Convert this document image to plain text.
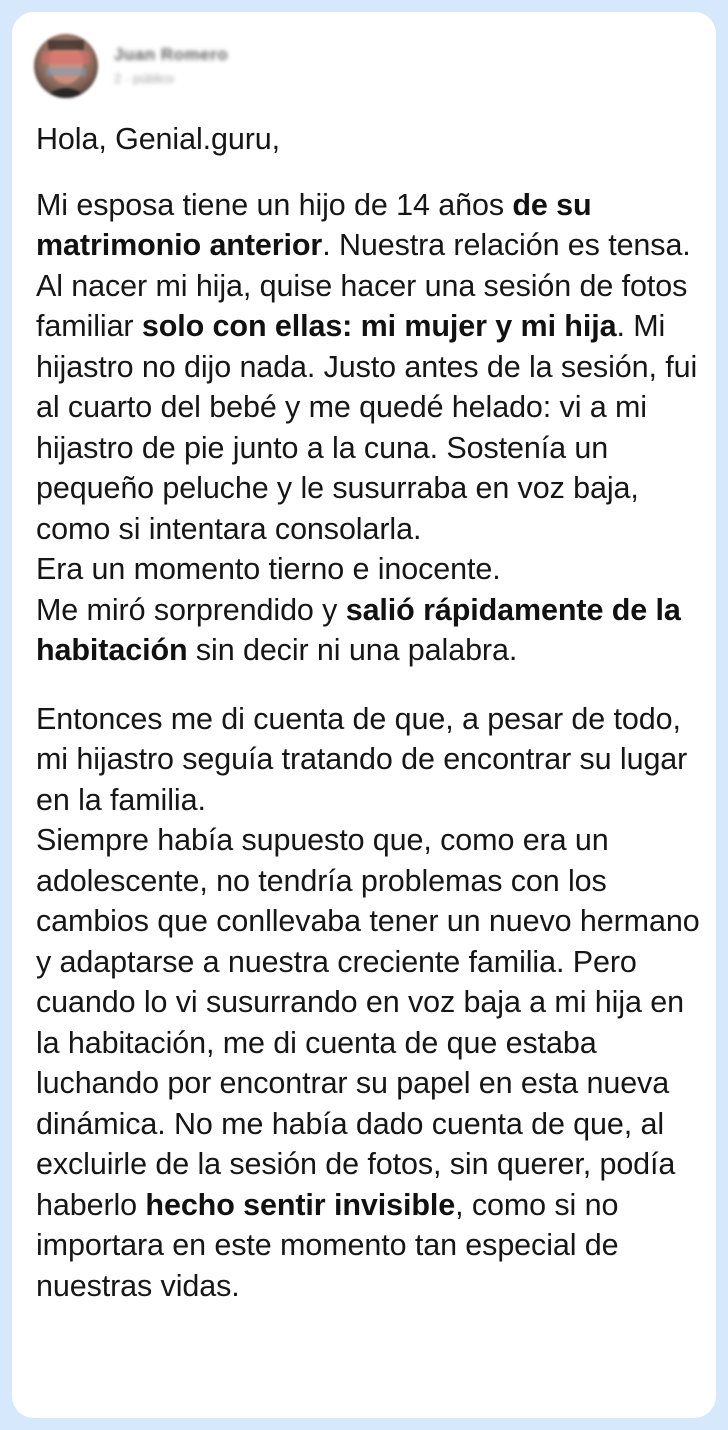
Juan Romero
2 · público
Hola, Genial.guru,
Mi esposa tiene un hijo de 14 años de su matrimonio anterior. Nuestra relación es tensa. Al nacer mi hija, quise hacer una sesión de fotos familiar solo con ellas: mi mujer y mi hija. Mi hijastro no dijo nada. Justo antes de la sesión, fui al cuarto del bebé y me quedé helado: vi a mi hijastro de pie junto a la cuna. Sostenía un pequeño peluche y le susurraba en voz baja, como si intentara consolarla.
Era un momento tierno e inocente.
Me miró sorprendido y salió rápidamente de la habitación sin decir ni una palabra.
Entonces me di cuenta de que, a pesar de todo, mi hijastro seguía tratando de encontrar su lugar en la familia.
Siempre había supuesto que, como era un adolescente, no tendría problemas con los cambios que conllevaba tener un nuevo hermano y adaptarse a nuestra creciente familia. Pero cuando lo vi susurrando en voz baja a mi hija en la habitación, me di cuenta de que estaba luchando por encontrar su papel en esta nueva dinámica. No me había dado cuenta de que, al excluirle de la sesión de fotos, sin querer, podía haberlo hecho sentir invisible, como si no importara en este momento tan especial de nuestras vidas.
